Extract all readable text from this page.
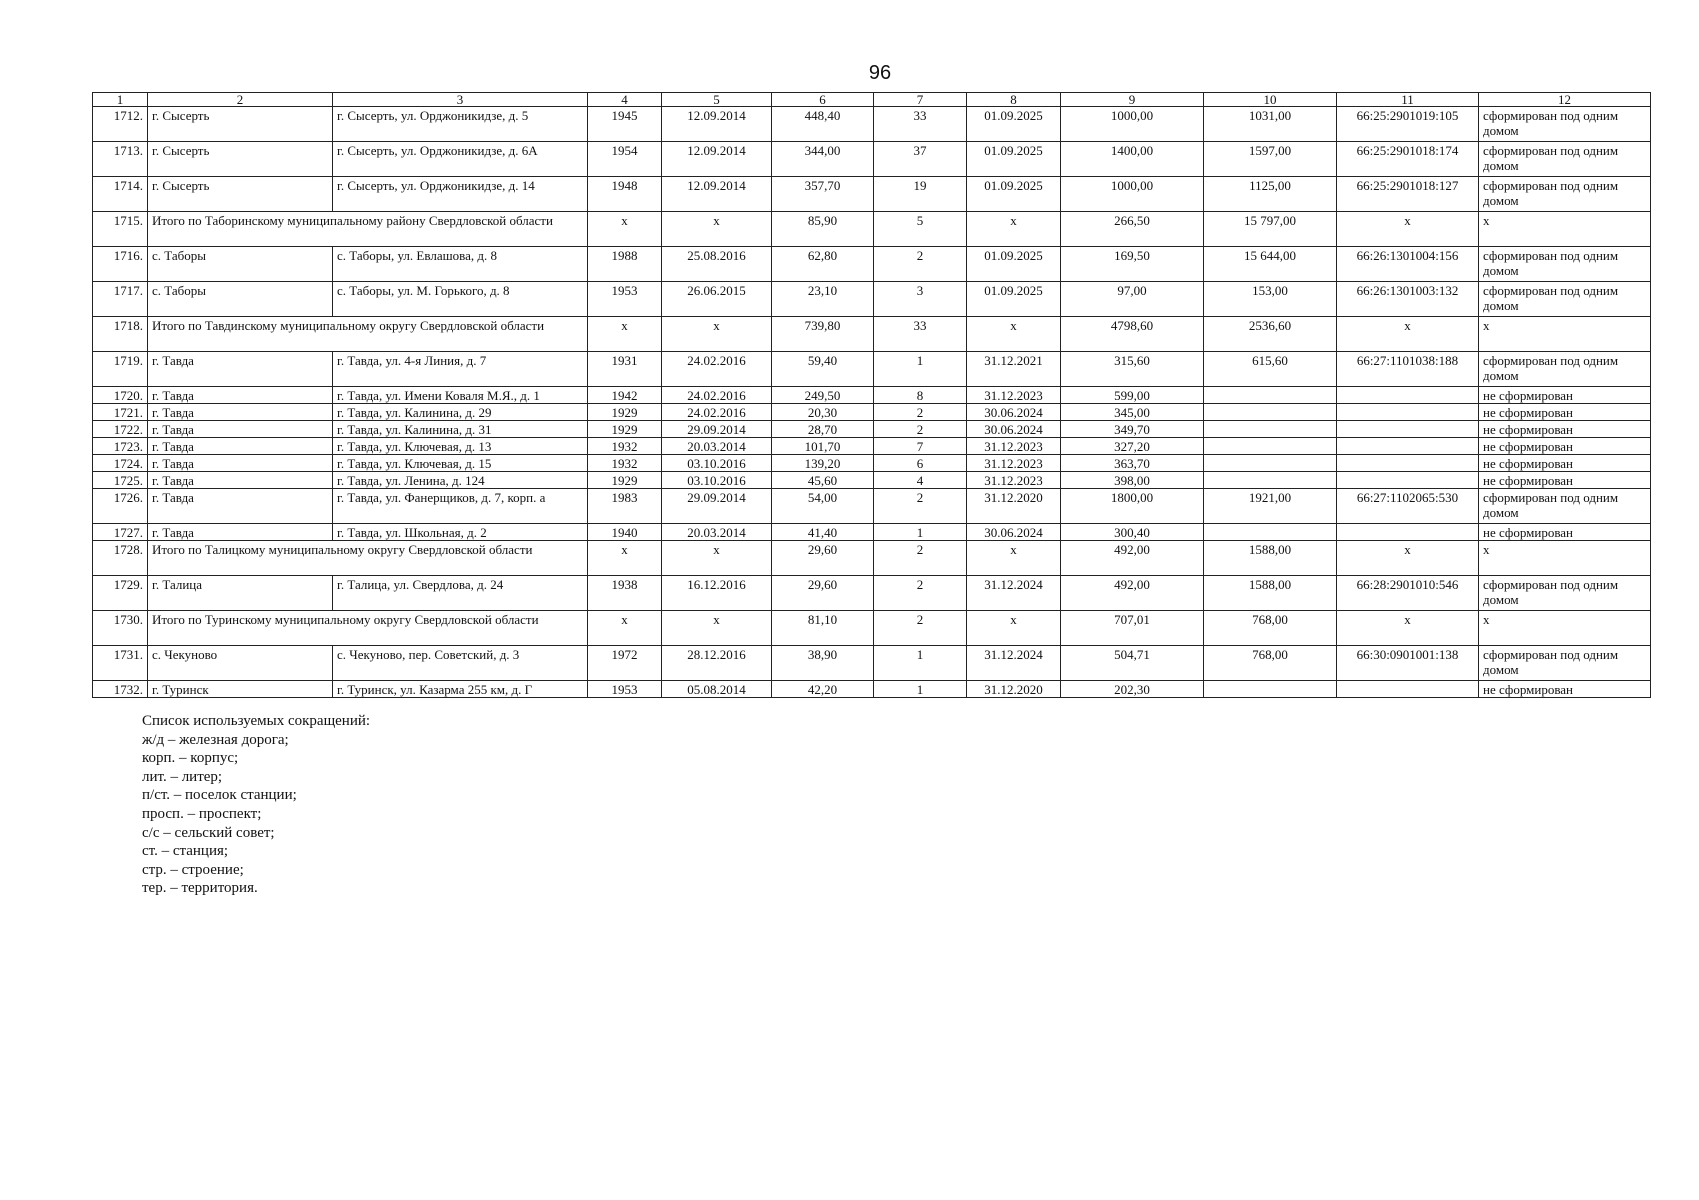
96
1	2	3	4	5	6	7	8	9	10	11	12
1712.	г. Сысерть	г. Сысерть, ул. Орджоникидзе, д. 5	1945	12.09.2014	448,40	33	01.09.2025	1000,00	1031,00	66:25:2901019:105	сформирован под одним домом
1713.	г. Сысерть	г. Сысерть, ул. Орджоникидзе, д. 6А	1954	12.09.2014	344,00	37	01.09.2025	1400,00	1597,00	66:25:2901018:174	сформирован под одним домом
1714.	г. Сысерть	г. Сысерть, ул. Орджоникидзе, д. 14	1948	12.09.2014	357,70	19	01.09.2025	1000,00	1125,00	66:25:2901018:127	сформирован под одним домом
1715.	Итого по Таборинскому муниципальному району Свердловской области		x	x	85,90	5	x	266,50	15 797,00	x	x
1716.	с. Таборы	с. Таборы, ул. Евлашова, д. 8	1988	25.08.2016	62,80	2	01.09.2025	169,50	15 644,00	66:26:1301004:156	сформирован под одним домом
1717.	с. Таборы	с. Таборы, ул. М. Горького, д. 8	1953	26.06.2015	23,10	3	01.09.2025	97,00	153,00	66:26:1301003:132	сформирован под одним домом
1718.	Итого по Тавдинскому муниципальному округу Свердловской области		x	x	739,80	33	x	4798,60	2536,60	x	x
1719.	г. Тавда	г. Тавда, ул. 4-я Линия, д. 7	1931	24.02.2016	59,40	1	31.12.2021	315,60	615,60	66:27:1101038:188	сформирован под одним домом
1720.	г. Тавда	г. Тавда, ул. Имени Коваля М.Я., д. 1	1942	24.02.2016	249,50	8	31.12.2023	599,00			не сформирован
1721.	г. Тавда	г. Тавда, ул. Калинина, д. 29	1929	24.02.2016	20,30	2	30.06.2024	345,00			не сформирован
1722.	г. Тавда	г. Тавда, ул. Калинина, д. 31	1929	29.09.2014	28,70	2	30.06.2024	349,70			не сформирован
1723.	г. Тавда	г. Тавда, ул. Ключевая, д. 13	1932	20.03.2014	101,70	7	31.12.2023	327,20			не сформирован
1724.	г. Тавда	г. Тавда, ул. Ключевая, д. 15	1932	03.10.2016	139,20	6	31.12.2023	363,70			не сформирован
1725.	г. Тавда	г. Тавда, ул. Ленина, д. 124	1929	03.10.2016	45,60	4	31.12.2023	398,00			не сформирован
1726.	г. Тавда	г. Тавда, ул. Фанерщиков, д. 7, корп. а	1983	29.09.2014	54,00	2	31.12.2020	1800,00	1921,00	66:27:1102065:530	сформирован под одним домом
1727.	г. Тавда	г. Тавда, ул. Школьная, д. 2	1940	20.03.2014	41,40	1	30.06.2024	300,40			не сформирован
1728.	Итого по Талицкому муниципальному округу Свердловской области		x	x	29,60	2	x	492,00	1588,00	x	x
1729.	г. Талица	г. Талица, ул. Свердлова, д. 24	1938	16.12.2016	29,60	2	31.12.2024	492,00	1588,00	66:28:2901010:546	сформирован под одним домом
1730.	Итого по Туринскому муниципальному округу Свердловской области		x	x	81,10	2	x	707,01	768,00	x	x
1731.	с. Чекуново	с. Чекуново, пер. Советский, д. 3	1972	28.12.2016	38,90	1	31.12.2024	504,71	768,00	66:30:0901001:138	сформирован под одним домом
1732.	г. Туринск	г. Туринск, ул. Казарма 255 км, д. Г	1953	05.08.2014	42,20	1	31.12.2020	202,30			не сформирован
Список используемых сокращений:
ж/д – железная дорога;
корп. – корпус;
лит. – литер;
п/ст. – поселок станции;
просп. – проспект;
с/с – сельский совет;
ст. – станция;
стр. – строение;
тер. – территория.
